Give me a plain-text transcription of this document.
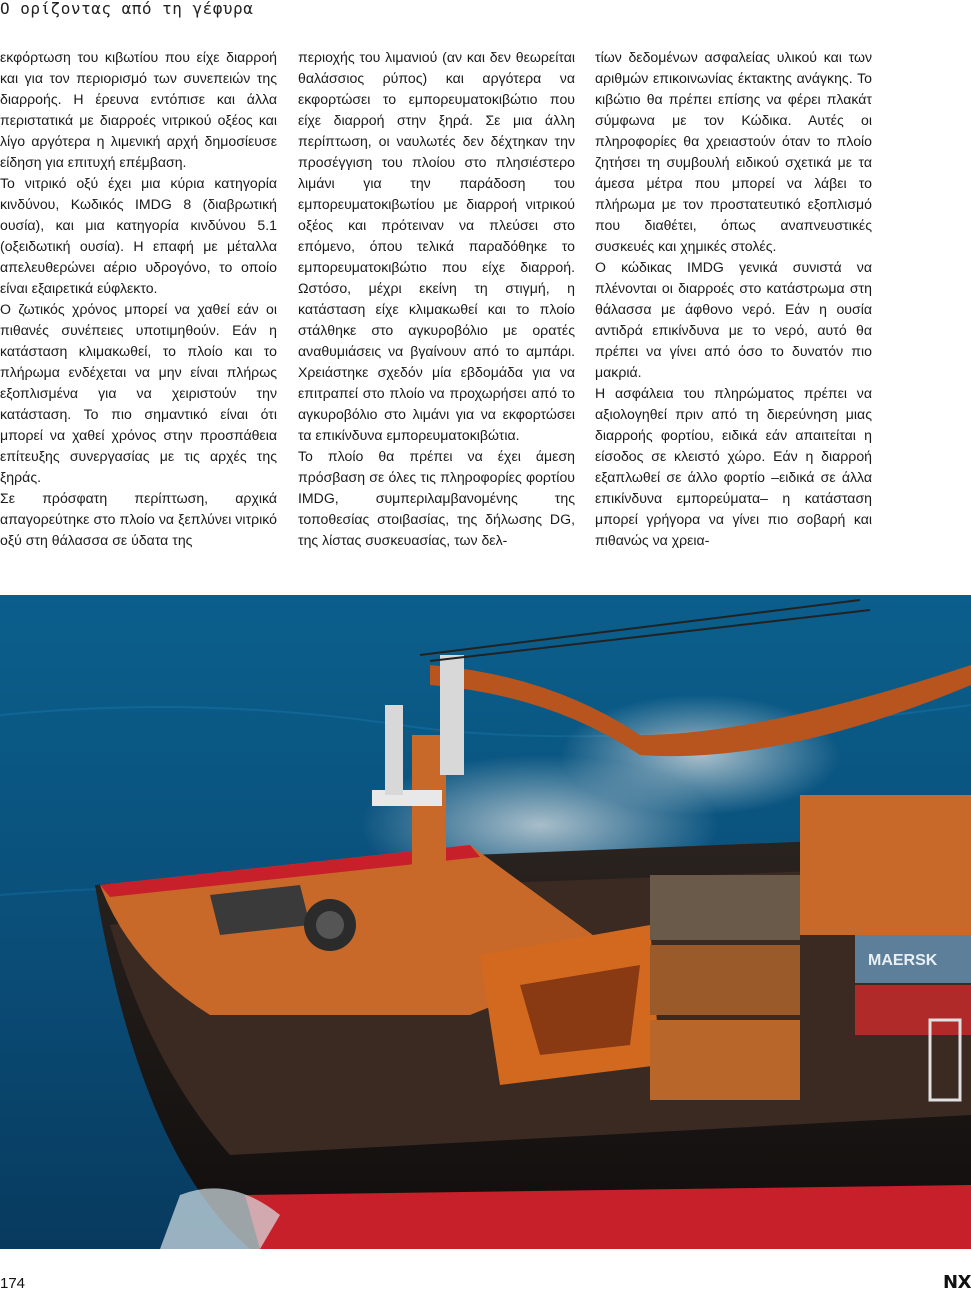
Ο ορίζοντας από τη γέφυρα

εκφόρτωση του κιβωτίου που είχε διαρροή και για τον περιορισμό των συνεπειών της διαρροής. Η έρευνα εντόπισε και άλλα περιστατικά με διαρροές νιτρικού οξέος και λίγο αργότερα η λιμενική αρχή δημοσίευσε είδηση για επιτυχή επέμβαση.

Το νιτρικό οξύ έχει μια κύρια κατηγορία κινδύνου, Κωδικός IMDG 8 (διαβρωτική ουσία), και μια κατηγορία κινδύνου 5.1 (οξειδωτική ουσία). Η επαφή με μέταλλα απελευθερώνει αέριο υδρογόνο, το οποίο είναι εξαιρετικά εύφλεκτο.

Ο ζωτικός χρόνος μπορεί να χαθεί εάν οι πιθανές συνέπειες υποτιμηθούν. Εάν η κατάσταση κλιμακωθεί, το πλοίο και το πλήρωμα ενδέχεται να μην είναι πλήρως εξοπλισμένα για να χειριστούν την κατάσταση. Το πιο σημαντικό είναι ότι μπορεί να χαθεί χρόνος στην προσπάθεια επίτευξης συνεργασίας με τις αρχές της ξηράς.

Σε πρόσφατη περίπτωση, αρχικά απαγορεύτηκε στο πλοίο να ξεπλύνει νιτρικό οξύ στη θάλασσα σε ύδατα της

περιοχής του λιμανιού (αν και δεν θεωρείται θαλάσσιος ρύπος) και αργότερα να εκφορτώσει το εμπορευματοκιβώτιο που είχε διαρροή στην ξηρά. Σε μια άλλη περίπτωση, οι ναυλωτές δεν δέχτηκαν την προσέγγιση του πλοίου στο πλησιέστερο λιμάνι για την παράδοση του εμπορευματοκιβωτίου με διαρροή νιτρικού οξέος και πρότειναν να πλεύσει στο επόμενο, όπου τελικά παραδόθηκε το εμπορευματοκιβώτιο που είχε διαρροή. Ωστόσο, μέχρι εκείνη τη στιγμή, η κατάσταση είχε κλιμακωθεί και το πλοίο στάλθηκε στο αγκυροβόλιο με ορατές αναθυμιάσεις να βγαίνουν από το αμπάρι. Χρειάστηκε σχεδόν μία εβδομάδα για να επιτραπεί στο πλοίο να προχωρήσει από το αγκυροβόλιο στο λιμάνι για να εκφορτώσει τα επικίνδυνα εμπορευματοκιβώτια.

Το πλοίο θα πρέπει να έχει άμεση πρόσβαση σε όλες τις πληροφορίες φορτίου IMDG, συμπεριλαμβανομένης της τοποθεσίας στοιβασίας, της δήλωσης DG, της λίστας συσκευασίας, των δελ-

τίων δεδομένων ασφαλείας υλικού και των αριθμών επικοινωνίας έκτακτης ανάγκης. Το κιβώτιο θα πρέπει επίσης να φέρει πλακάτ σύμφωνα με τον Κώδικα. Αυτές οι πληροφορίες θα χρειαστούν όταν το πλοίο ζητήσει τη συμβουλή ειδικού σχετικά με τα άμεσα μέτρα που μπορεί να λάβει το πλήρωμα με τον προστατευτικό εξοπλισμό που διαθέτει, όπως αναπνευστικές συσκευές και χημικές στολές.

Ο κώδικας IMDG γενικά συνιστά να πλένονται οι διαρροές στο κατάστρωμα στη θάλασσα με άφθονο νερό. Εάν η ουσία αντιδρά επικίνδυνα με το νερό, αυτό θα πρέπει να γίνει από όσο το δυνατόν πιο μακριά.

Η ασφάλεια του πληρώματος πρέπει να αξιολογηθεί πριν από τη διερεύνηση μιας διαρροής φορτίου, ειδικά εάν απαιτείται η είσοδος σε κλειστό χώρο. Εάν η διαρροή εξαπλωθεί σε άλλο φορτίο –ειδικά σε άλλα επικίνδυνα εμπορεύματα– η κατάσταση μπορεί γρήγορα να γίνει πιο σοβαρή και πιθανώς να χρεια-

MAERSK
174	NX
